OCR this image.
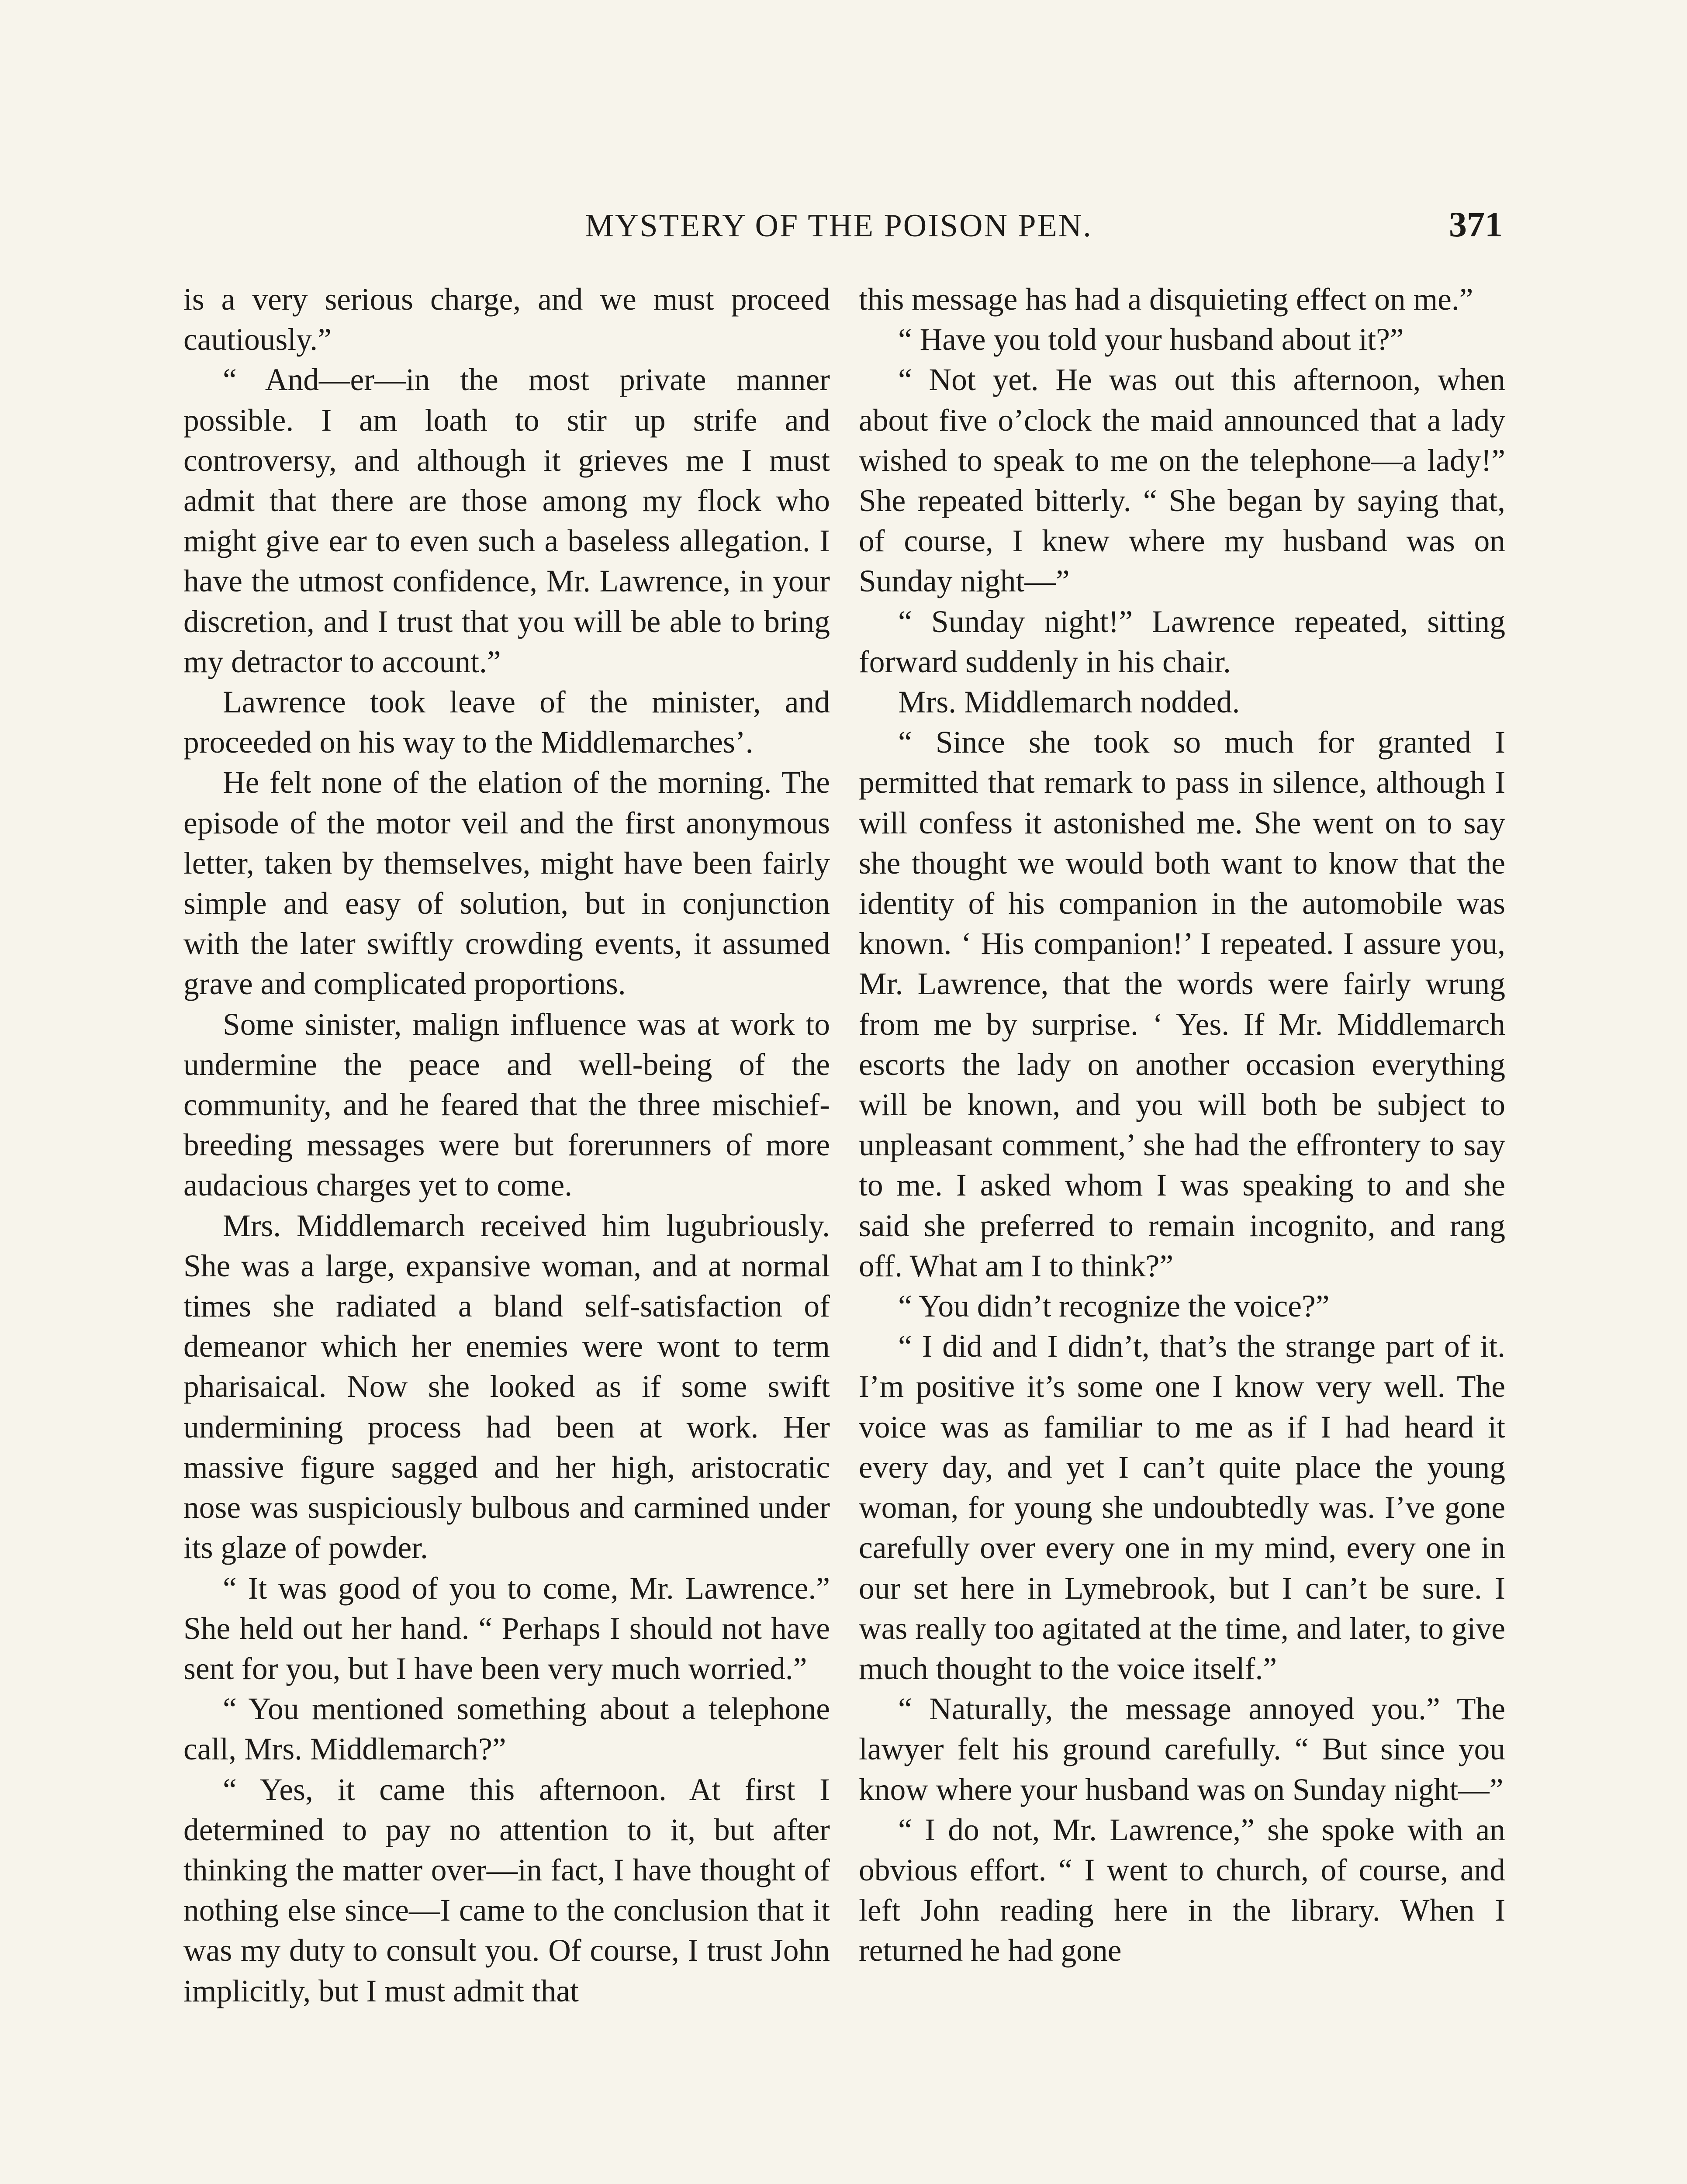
MYSTERY OF THE POISON PEN.	371

is a very serious charge, and we must proceed cautiously.”

“ And—er—in the most private manner possible. I am loath to stir up strife and controversy, and although it grieves me I must admit that there are those among my flock who might give ear to even such a baseless allegation. I have the utmost confidence, Mr. Lawrence, in your discretion, and I trust that you will be able to bring my detractor to account.”

Lawrence took leave of the minister, and proceeded on his way to the Middlemarches’.

He felt none of the elation of the morning. The episode of the motor veil and the first anonymous letter, taken by themselves, might have been fairly simple and easy of solution, but in conjunction with the later swiftly crowding events, it assumed grave and complicated proportions.

Some sinister, malign influence was at work to undermine the peace and well-being of the community, and he feared that the three mischief-breeding messages were but forerunners of more audacious charges yet to come.

Mrs. Middlemarch received him lugubriously. She was a large, expansive woman, and at normal times she radiated a bland self-satisfaction of demeanor which her enemies were wont to term pharisaical. Now she looked as if some swift undermining process had been at work. Her massive figure sagged and her high, aristocratic nose was suspiciously bulbous and carmined under its glaze of powder.

“ It was good of you to come, Mr. Lawrence.” She held out her hand. “ Perhaps I should not have sent for you, but I have been very much worried.”

“ You mentioned something about a telephone call, Mrs. Middlemarch?”

“ Yes, it came this afternoon. At first I determined to pay no attention to it, but after thinking the matter over—in fact, I have thought of nothing else since—I came to the conclusion that it was my duty to consult you. Of course, I trust John implicitly, but I must admit that

this message has had a disquieting effect on me.”

“ Have you told your husband about it?”

“ Not yet. He was out this afternoon, when about five o’clock the maid announced that a lady wished to speak to me on the telephone—a lady!” She repeated bitterly. “ She began by saying that, of course, I knew where my husband was on Sunday night—”

“ Sunday night!” Lawrence repeated, sitting forward suddenly in his chair.

Mrs. Middlemarch nodded.

“ Since she took so much for granted I permitted that remark to pass in silence, although I will confess it astonished me. She went on to say she thought we would both want to know that the identity of his companion in the automobile was known. ‘ His companion!’ I repeated. I assure you, Mr. Lawrence, that the words were fairly wrung from me by surprise. ‘ Yes. If Mr. Middlemarch escorts the lady on another occasion everything will be known, and you will both be subject to unpleasant comment,’ she had the effrontery to say to me. I asked whom I was speaking to and she said she preferred to remain incognito, and rang off. What am I to think?”

“ You didn’t recognize the voice?”

“ I did and I didn’t, that’s the strange part of it. I’m positive it’s some one I know very well. The voice was as familiar to me as if I had heard it every day, and yet I can’t quite place the young woman, for young she undoubtedly was. I’ve gone carefully over every one in my mind, every one in our set here in Lymebrook, but I can’t be sure. I was really too agitated at the time, and later, to give much thought to the voice itself.”

“ Naturally, the message annoyed you.” The lawyer felt his ground carefully. “ But since you know where your husband was on Sunday night—”

“ I do not, Mr. Lawrence,” she spoke with an obvious effort. “ I went to church, of course, and left John reading here in the library. When I returned he had gone
